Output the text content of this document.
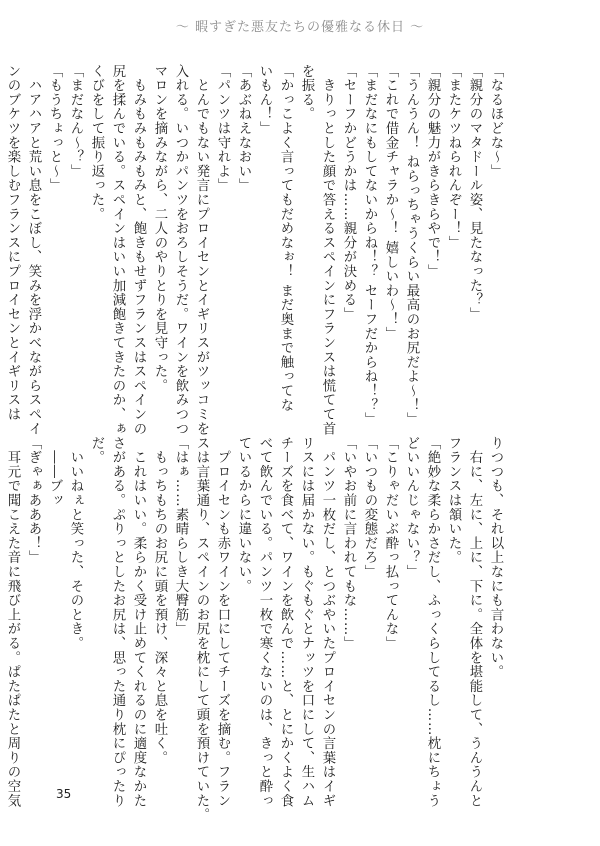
〜 暇すぎた悪友たちの優雅なる休日 〜

「なるほどな〜」

「親分のマタドール姿、見たなった？」

「またケツねられんぞー！」

「親分の魅力がきらきらやで！」

「うんうん！ ねらっちゃうくらい最高のお尻だよ〜！」

「これで借金チャラか〜！ 嬉しいわ〜！」

「まだなにもしてないからね！？ セーフだからね！？」

「セーフかどうかは……親分が決める」

　きりっとした顔で答えるスペインにフランスは慌てて首

を振る。

「かっこよく言ってもだめなぉ！ まだ奥まで触ってな

いもん！」

「あぶねえなおい」

「パンツは守れよ」

　とんでもない発言にプロイセンとイギリスがツッコミを

入れる。いつかパンツをおろしそうだ。ワインを飲みつつ

マロンを摘みながら、二人のやりとりを見守った。

　もみもみもみもみと、飽きもせずフランスはスペインの

尻を揉んでいる。スペインはいい加減飽きてきたのか、ぁ

くびをして振り返った。

「まだなん〜？」

「もうちょっと〜」

　ハアハアと荒い息をこぼし、笑みを浮かべながらスペイ

ンのブケツを楽しむフランスにプロイセンとイギリスは

りつつも、それ以上なにも言わない。

　右に、左に、上に、下に。全体を堪能して、うんうんと

フランスは頷いた。

「絶妙な柔らかさだし、ふっくらしてるし……枕にちょう

どいいんじゃない？」

「こりゃだいぶ酔っ払ってんな」

「いつもの変態だろ」

「いやお前に言われてもな……」

　パンツ一枚だし、とつぶやいたプロイセンの言葉はイギ

リスには届かない。もぐもぐとナッツを口にして、生ハム

チーズを食べて、ワインを飲んで……と、とにかくよく食

べて飲んでいる。パンツ一枚で寒くないのは、きっと酔っ

ているからに違いない。

　プロイセンも赤ワインを口にしてチーズを摘む。フラン

スは言葉通り、スペインのお尻を枕にして頭を預けていた。

「はぁ……素晴らしき大臀筋」

　もっちもちのお尻に頭を預け、深々と息を吐く。

　これはいい。柔らかく受け止めてくれるのに適度なかた

さがある。ぷりっとしたお尻は、思った通り枕にぴったり

だ。

　いいねぇと笑った、そのとき。

　――ブッ

「ぎゃぁあああ！」

　耳元で聞こえた音に飛び上がる。ぱたぱたと周りの空気	35
